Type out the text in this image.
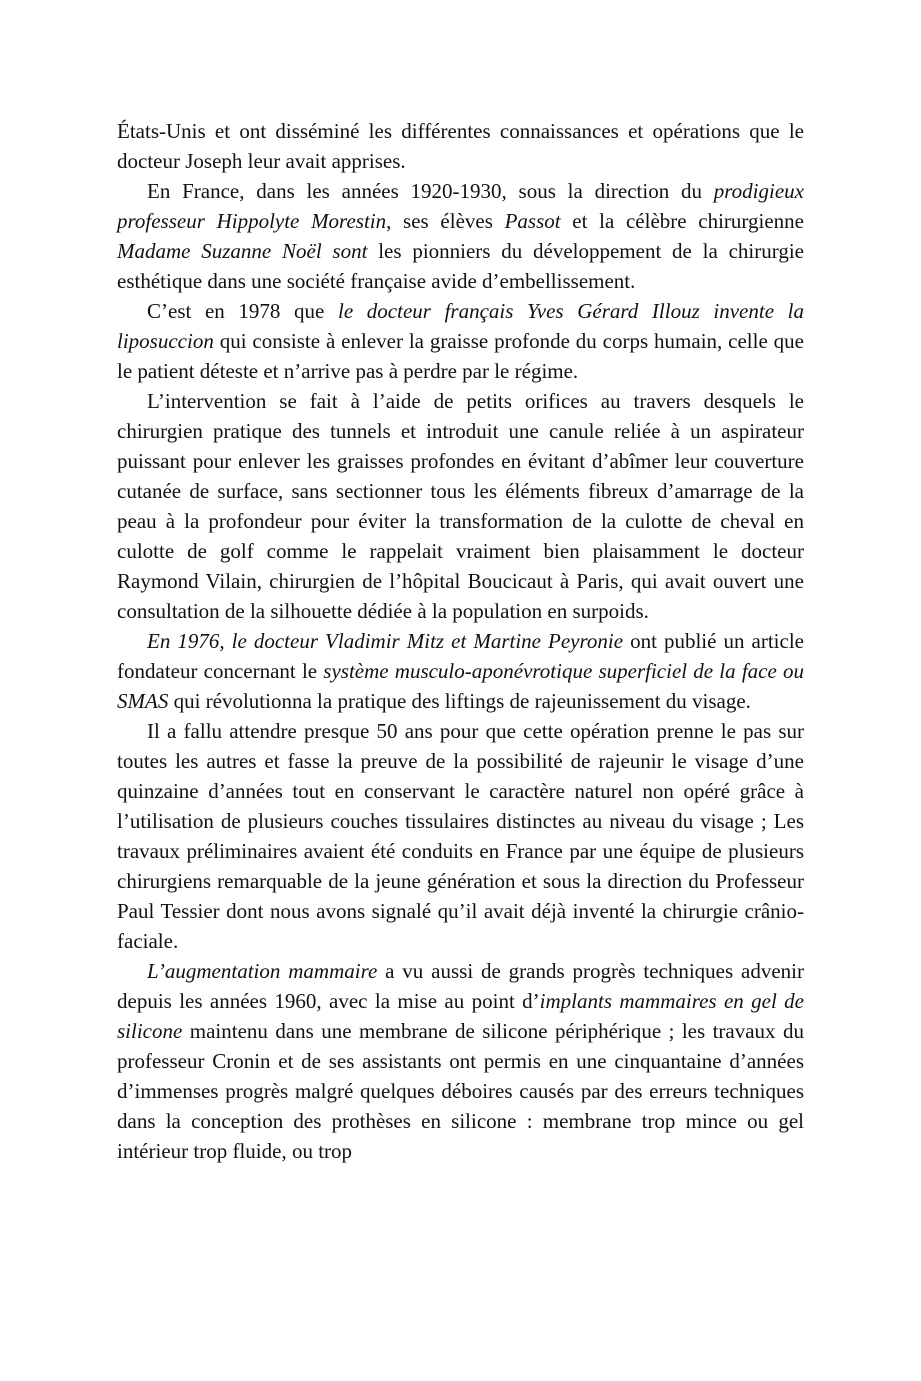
États-Unis et ont disséminé les différentes connaissances et opérations que le docteur Joseph leur avait apprises.

En France, dans les années 1920-1930, sous la direction du prodigieux professeur Hippolyte Morestin, ses élèves Passot et la célèbre chirurgienne Madame Suzanne Noël sont les pionniers du développement de la chirurgie esthétique dans une société française avide d’embellissement.

C’est en 1978 que le docteur français Yves Gérard Illouz invente la liposuccion qui consiste à enlever la graisse profonde du corps humain, celle que le patient déteste et n’arrive pas à perdre par le régime.

L’intervention se fait à l’aide de petits orifices au travers desquels le chirurgien pratique des tunnels et introduit une canule reliée à un aspirateur puissant pour enlever les graisses profondes en évitant d’abîmer leur couverture cutanée de surface, sans sectionner tous les éléments fibreux d’amarrage de la peau à la profondeur pour éviter la transformation de la culotte de cheval en culotte de golf comme le rappelait vraiment bien plaisamment le docteur Raymond Vilain, chirurgien de l’hôpital Boucicaut à Paris, qui avait ouvert une consultation de la silhouette dédiée à la population en surpoids.

En 1976, le docteur Vladimir Mitz et Martine Peyronie ont publié un article fondateur concernant le système musculo-aponévrotique superficiel de la face ou SMAS qui révolutionna la pratique des liftings de rajeunissement du visage.

Il a fallu attendre presque 50 ans pour que cette opération prenne le pas sur toutes les autres et fasse la preuve de la possibilité de rajeunir le visage d’une quinzaine d’années tout en conservant le caractère naturel non opéré grâce à l’utilisation de plusieurs couches tissulaires distinctes au niveau du visage ; Les travaux préliminaires avaient été conduits en France par une équipe de plusieurs chirurgiens remarquable de la jeune génération et sous la direction du Professeur Paul Tessier dont nous avons signalé qu’il avait déjà inventé la chirurgie crânio-faciale.

L’augmentation mammaire a vu aussi de grands progrès techniques advenir depuis les années 1960, avec la mise au point d’implants mammaires en gel de silicone maintenu dans une membrane de silicone périphérique ; les travaux du professeur Cronin et de ses assistants ont permis en une cinquantaine d’années d’immenses progrès malgré quelques déboires causés par des erreurs techniques dans la conception des prothèses en silicone : membrane trop mince ou gel intérieur trop fluide, ou trop
